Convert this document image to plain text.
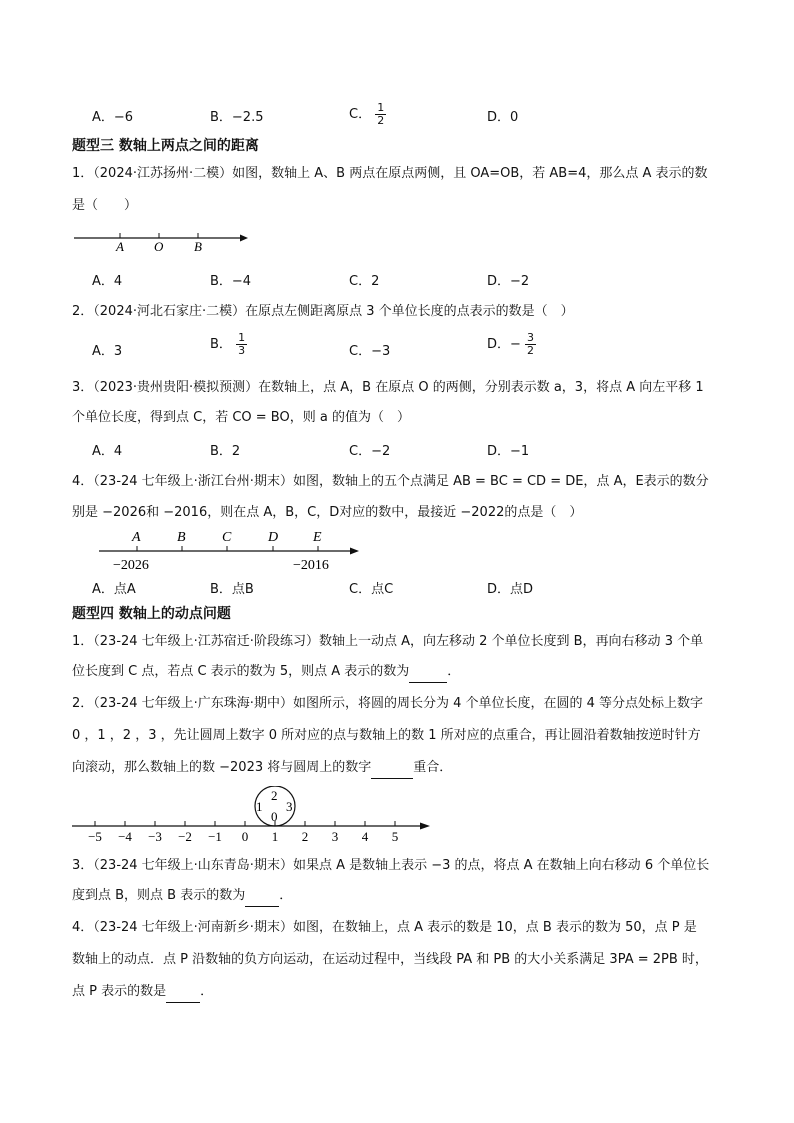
A．−6	B．−2.5	C． $\frac{1}{2}$	D．0
题型三 数轴上两点之间的距离
1．（2024·江苏扬州·二模）如图，数轴上 A、B 两点在原点两侧，且 OA=OB，若 AB=4，那么点 A 表示的数
是（　　）
A O B
A．4	B．−4	C．2	D．−2
2．（2024·河北石家庄·二模）在原点左侧距离原点 3 个单位长度的点表示的数是（　）
A．3	B． $\frac{1}{3}$	C．−3	D．− $\frac{3}{2}$
3．（2023·贵州贵阳·模拟预测）在数轴上，点 A，B 在原点 O 的两侧，分别表示数 a，3，将点 A 向左平移 1
个单位长度，得到点 C，若 CO = BO，则 a 的值为（　）
A．4	B．2	C．−2	D．−1
4．（23-24 七年级上·浙江台州·期末）如图，数轴上的五个点满足 AB = BC = CD = DE，点 A，E表示的数分
别是 −2026和 −2016，则在点 A，B，C，D对应的数中，最接近 −2022的点是（　）
A	B	C	D E
−2026	−2016
A．点A	B．点B	C．点C	D．点D
题型四 数轴上的动点问题
1．（23-24 七年级上·江苏宿迁·阶段练习）数轴上一动点 A，向左移动 2 个单位长度到 B，再向右移动 3 个单
位长度到 C 点，若点 C 表示的数为 5，则点 A 表示的数为	．
2．（23-24 七年级上·广东珠海·期中）如图所示，将圆的周长分为 4 个单位长度，在圆的 4 等分点处标上数字
0 ，1 ，2 ，3 ，先让圆周上数字 0 所对应的点与数轴上的数 1 所对应的点重合，再让圆沿着数轴按逆时针方
向滚动，那么数轴上的数 −2023 将与圆周上的数字	重合．
2
1 3
0
−5 −4 −3 −2 −1 0 1 2 3 4 5
3．（23-24 七年级上·山东青岛·期末）如果点 A 是数轴上表示 −3 的点，将点 A 在数轴上向右移动 6 个单位长
度到点 B，则点 B 表示的数为	．
4．（23-24 七年级上·河南新乡·期末）如图，在数轴上，点 A 表示的数是 10，点 B 表示的数为 50，点 P 是
数轴上的动点．点 P 沿数轴的负方向运动，在运动过程中，当线段 PA 和 PB 的大小关系满足 3PA = 2PB 时，
点 P 表示的数是	．
